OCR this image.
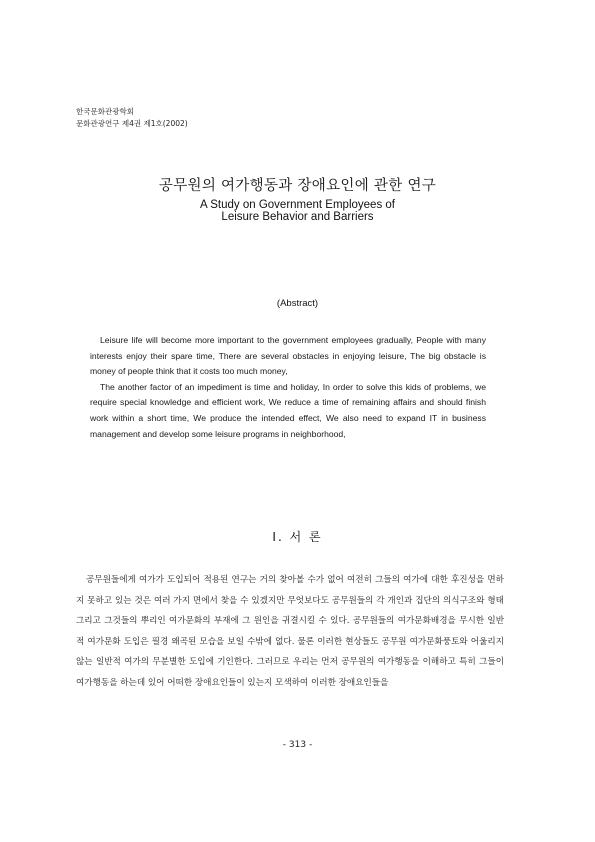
한국문화관광학회
문화관광연구 제4권 제1호(2002)
공무원의 여가행동과 장애요인에 관한 연구
A Study on Government Employees of
Leisure Behavior and Barriers
(Abstract)

Leisure life will become more important to the government employees gradually, People with many interests enjoy their spare time, There are several obstacles in enjoying leisure, The big obstacle is money of people think that it costs too much money,

The another factor of an impediment is time and holiday, In order to solve this kids of problems, we require special knowledge and efficient work, We reduce a time of remaining affairs and should finish work within a short time, We produce the intended effect, We also need to expand IT in business management and develop some leisure programs in neighborhood,

Ⅰ. 서 론

공무원들에게 여가가 도입되어 적용된 연구는 거의 찾아볼 수가 없어 여전히 그들의 여가에 대한 후진성을 면하지 못하고 있는 것은 여러 가지 면에서 찾을 수 있겠지만 무엇보다도 공무원들의 각 개인과 집단의 의식구조와 형태 그리고 그것들의 뿌리인 여가문화의 부재에 그 원인을 귀결시킬 수 있다. 공무원들의 여가문화배경을 무시한 일반적 여가문화 도입은 필경 왜곡된 모습을 보일 수밖에 없다. 물론 이러한 현상들도 공무원 여가문화풍토와 어울리지 않는 일반적 여가의 무분별한 도입에 기인한다. 그러므로 우리는 먼저 공무원의 여가행동을 이해하고 특히 그들이 여가행동을 하는데 있어 어떠한 장애요인들이 있는지 모색하여 이러한 장애요인들을

- 313 -
